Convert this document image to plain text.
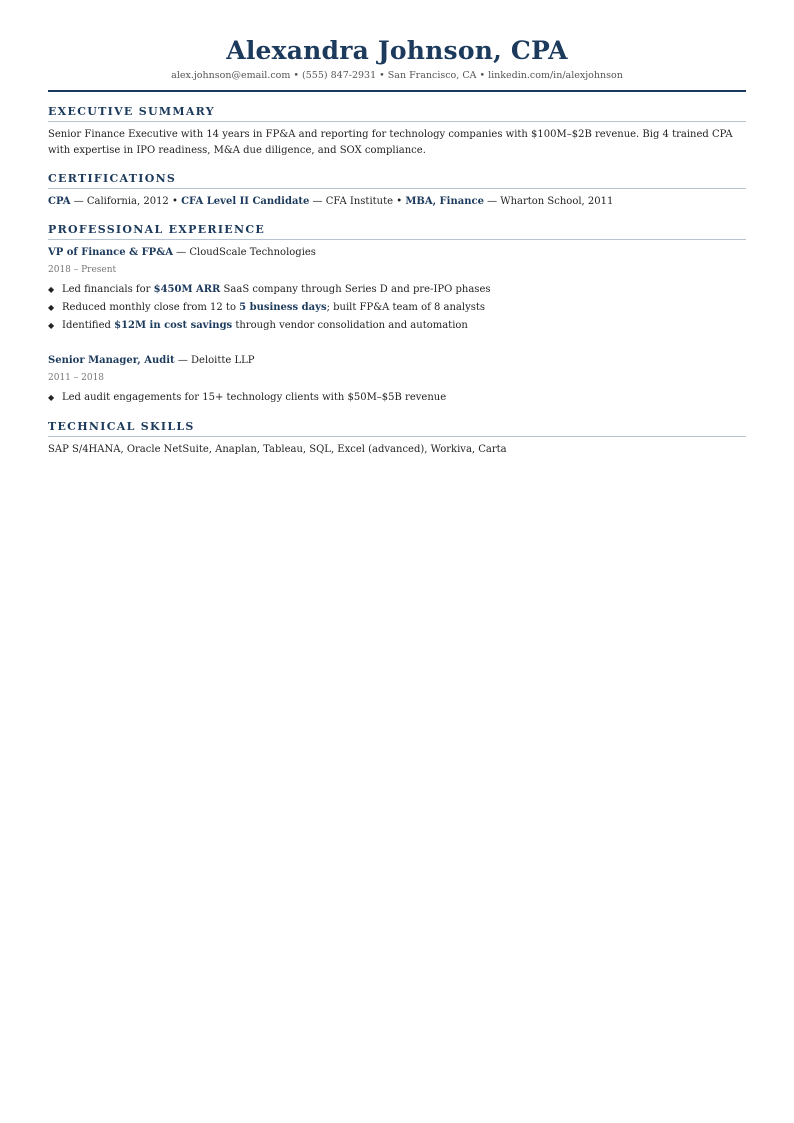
Alexandra Johnson, CPA
alex.johnson@email.com • (555) 847-2931 • San Francisco, CA • linkedin.com/in/alexjohnson
EXECUTIVE SUMMARY
Senior Finance Executive with 14 years in FP&A and reporting for technology companies with $100M–$2B revenue. Big 4 trained CPA with expertise in IPO readiness, M&A due diligence, and SOX compliance.
CERTIFICATIONS
CPA — California, 2012 • CFA Level II Candidate — CFA Institute • MBA, Finance — Wharton School, 2011
PROFESSIONAL EXPERIENCE
VP of Finance & FP&A — CloudScale Technologies
2018 – Present
◆ Led financials for $450M ARR SaaS company through Series D and pre-IPO phases
◆ Reduced monthly close from 12 to 5 business days; built FP&A team of 8 analysts
◆ Identified $12M in cost savings through vendor consolidation and automation
Senior Manager, Audit — Deloitte LLP
2011 – 2018
◆ Led audit engagements for 15+ technology clients with $50M–$5B revenue
TECHNICAL SKILLS
SAP S/4HANA, Oracle NetSuite, Anaplan, Tableau, SQL, Excel (advanced), Workiva, Carta
